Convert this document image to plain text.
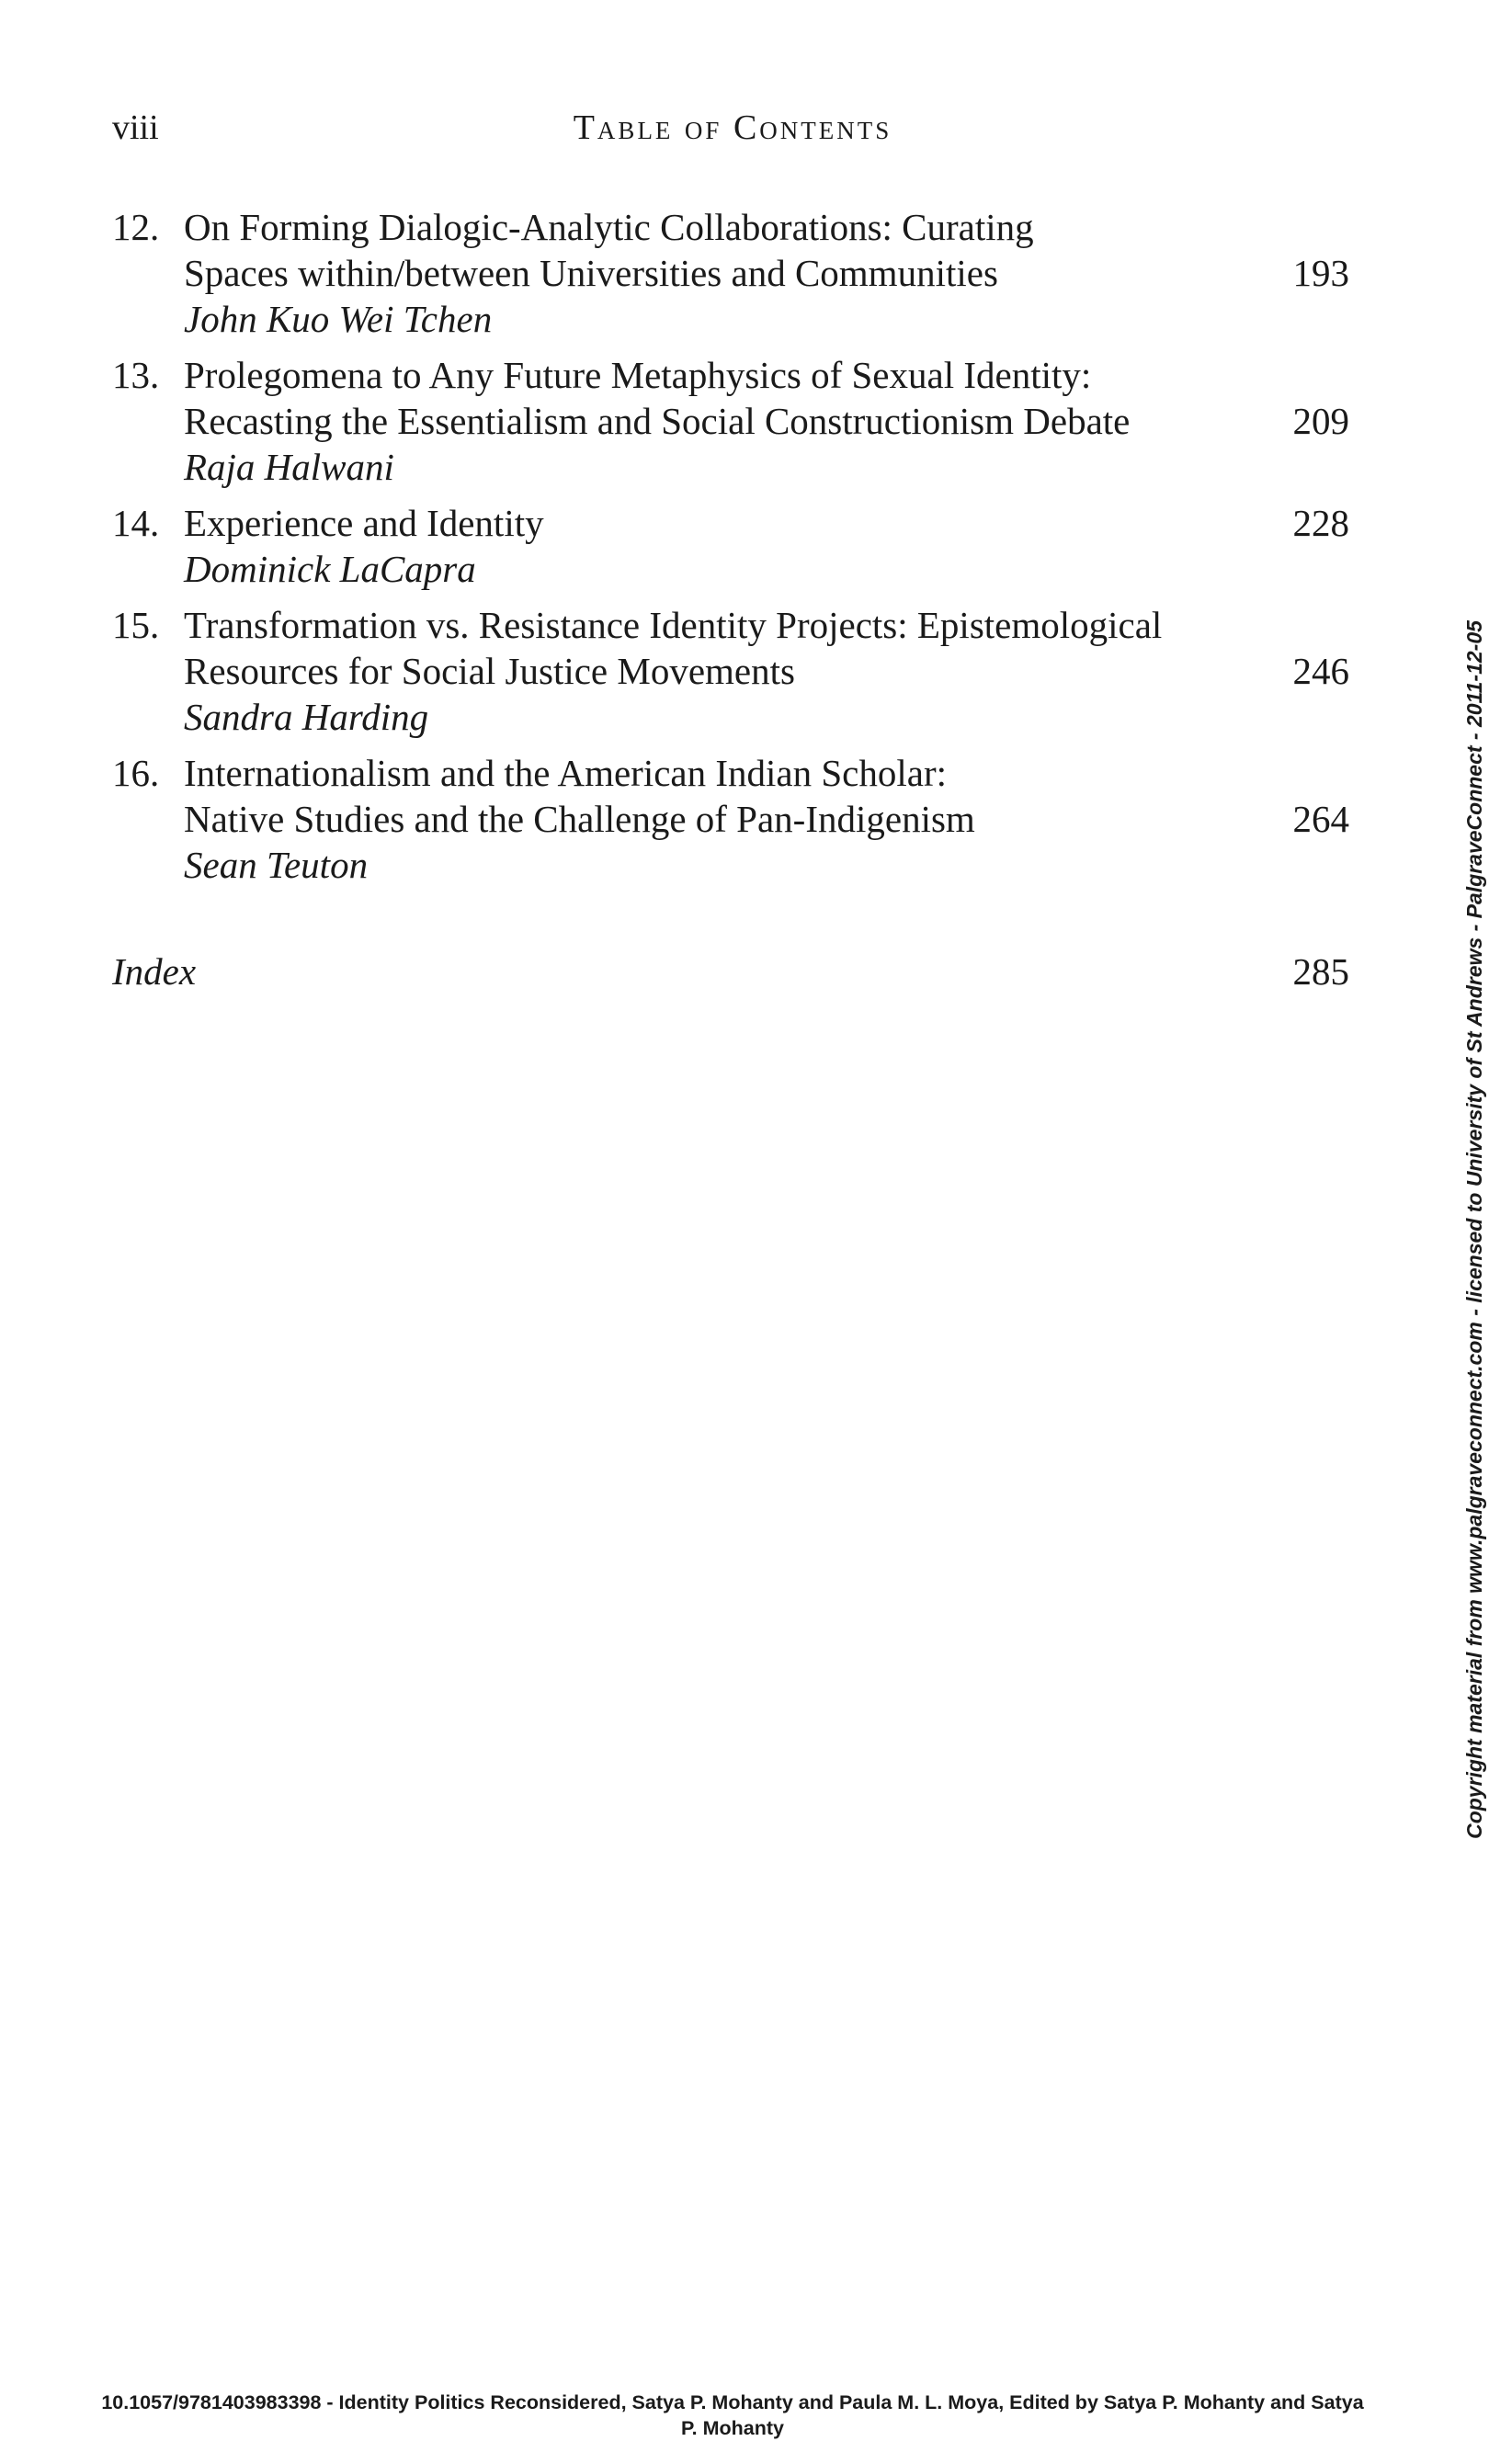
viii	Table of Contents
12. On Forming Dialogic-Analytic Collaborations: Curating
Spaces within/between Universities and Communities	193
John Kuo Wei Tchen
13. Prolegomena to Any Future Metaphysics of Sexual Identity:
Recasting the Essentialism and Social Constructionism Debate	209
Raja Halwani
14. Experience and Identity	228
Dominick LaCapra
15. Transformation vs. Resistance Identity Projects: Epistemological
Resources for Social Justice Movements	246
Sandra Harding
16. Internationalism and the American Indian Scholar:
Native Studies and the Challenge of Pan-Indigenism	264
Sean Teuton
Index	285	Copyright material from www.palgraveconnect.com - licensed to University of St Andrews - PalgraveConnect - 2011-12-05
10.1057/9781403983398 - Identity Politics Reconsidered, Satya P. Mohanty and Paula M. L. Moya, Edited by Satya P. Mohanty and Satya
P. Mohanty
